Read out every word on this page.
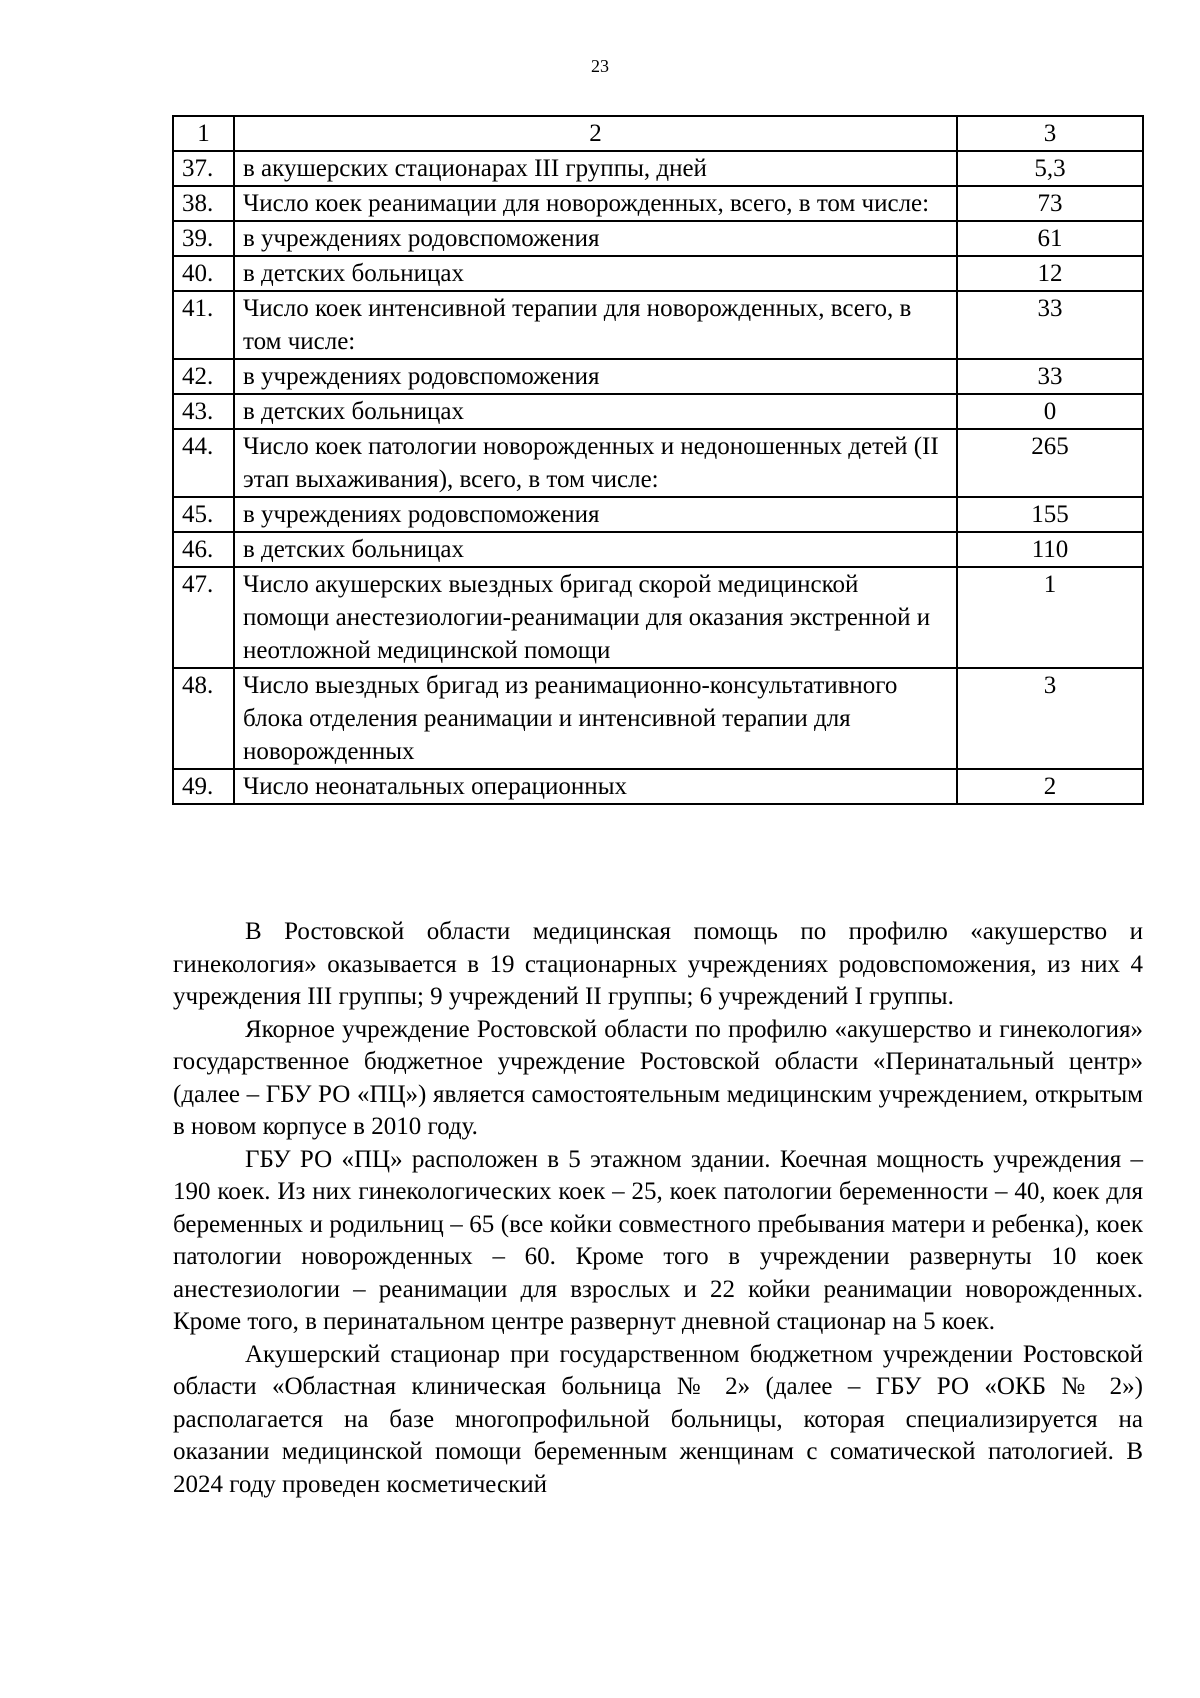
23
1	2	3
37.	в акушерских стационарах III группы, дней	5,3
38.	Число коек реанимации для новорожденных, всего, в том числе:	73
39.	в учреждениях родовспоможения	61
40.	в детских больницах	12
41.	Число коек интенсивной терапии для новорожденных, всего, в том числе:	33
42.	в учреждениях родовспоможения	33
43.	в детских больницах	0
44.	Число коек патологии новорожденных и недоношенных детей (II этап выхаживания), всего, в том числе:	265
45.	в учреждениях родовспоможения	155
46.	в детских больницах	110
47.	Число акушерских выездных бригад скорой медицинской помощи анестезиологии-реанимации для оказания экстренной и неотложной медицинской помощи	1
48.	Число выездных бригад из реанимационно-консультативного блока отделения реанимации и интенсивной терапии для новорожденных	3
49.	Число неонатальных операционных	2

В Ростовской области медицинская помощь по профилю «акушерство и гинекология» оказывается в 19 стационарных учреждениях родовспоможения, из них 4 учреждения III группы; 9 учреждений II группы; 6 учреждений I группы.

Якорное учреждение Ростовской области по профилю «акушерство и гинекология» государственное бюджетное учреждение Ростовской области «Перинатальный центр» (далее – ГБУ РО «ПЦ») является самостоятельным медицинским учреждением, открытым в новом корпусе в 2010 году.

ГБУ РО «ПЦ» расположен в 5 этажном здании. Коечная мощность учреждения – 190 коек. Из них гинекологических коек – 25, коек патологии беременности – 40, коек для беременных и родильниц – 65 (все койки совместного пребывания матери и ребенка), коек патологии новорожденных – 60. Кроме того в учреждении развернуты 10 коек анестезиологии – реанимации для взрослых и 22 койки реанимации новорожденных. Кроме того, в перинатальном центре развернут дневной стационар на 5 коек.

Акушерский стационар при государственном бюджетном учреждении Ростовской области «Областная клиническая больница № 2» (далее – ГБУ РО «ОКБ № 2») располагается на базе многопрофильной больницы, которая специализируется на оказании медицинской помощи беременным женщинам с соматической патологией. В 2024 году проведен косметический
